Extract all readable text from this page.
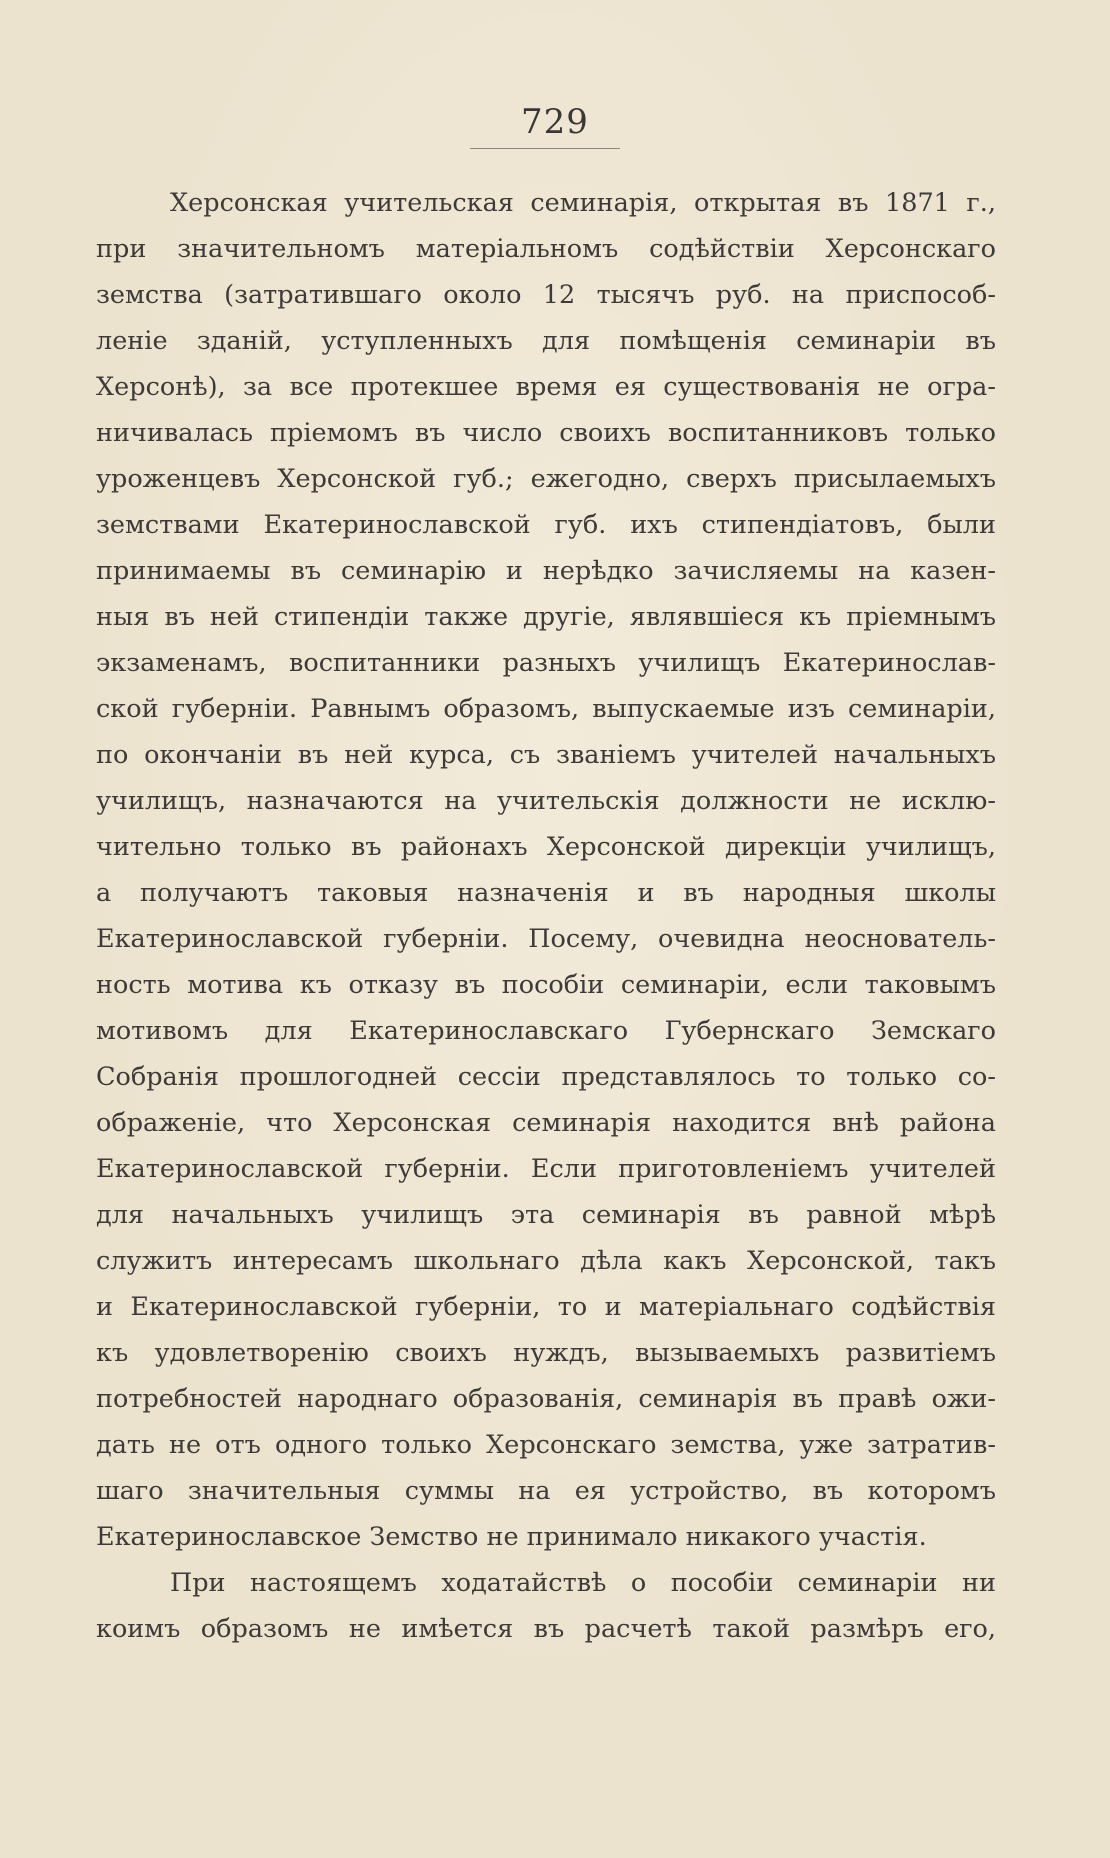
729
Херсонская учительская семинарія, открытая въ 1871 г.,
при значительномъ матеріальномъ содѣйствіи Херсонскаго
земства (затратившаго около 12 тысячъ руб. на приспособ-
леніе зданій, уступленныхъ для помѣщенія семинаріи въ
Херсонѣ), за все протекшее время ея существованія не огра-
ничивалась пріемомъ въ число своихъ воспитанниковъ только
уроженцевъ Херсонской губ.; ежегодно, сверхъ присылаемыхъ
земствами Екатеринославской губ. ихъ стипендіатовъ, были
принимаемы въ семинарію и нерѣдко зачисляемы на казен-
ныя въ ней стипендіи также другіе, являвшіеся къ пріемнымъ
экзаменамъ, воспитанники разныхъ училищъ Екатеринослав-
ской губерніи. Равнымъ образомъ, выпускаемые изъ семинаріи,
по окончаніи въ ней курса, съ званіемъ учителей начальныхъ
училищъ, назначаются на учительскія должности не исклю-
чительно только въ районахъ Херсонской дирекціи училищъ,
а получаютъ таковыя назначенія и въ народныя школы
Екатеринославской губерніи. Посему, очевидна неоснователь-
ность мотива къ отказу въ пособіи семинаріи, если таковымъ
мотивомъ для Екатеринославскаго Губернскаго Земскаго
Собранія прошлогодней сессіи представлялось то только со-
ображеніе, что Херсонская семинарія находится внѣ района
Екатеринославской губерніи. Если приготовленіемъ учителей
для начальныхъ училищъ эта семинарія въ равной мѣрѣ
служитъ интересамъ школьнаго дѣла какъ Херсонской, такъ
и Екатеринославской губерніи, то и матеріальнаго содѣйствія
къ удовлетворенію своихъ нуждъ, вызываемыхъ развитіемъ
потребностей народнаго образованія, семинарія въ правѣ ожи-
дать не отъ одного только Херсонскаго земства, уже затратив-
шаго значительныя суммы на ея устройство, въ которомъ
Екатеринославское Земство не принимало никакого участія.
При настоящемъ ходатайствѣ о пособіи семинаріи ни
коимъ образомъ не имѣется въ расчетѣ такой размѣръ его,
